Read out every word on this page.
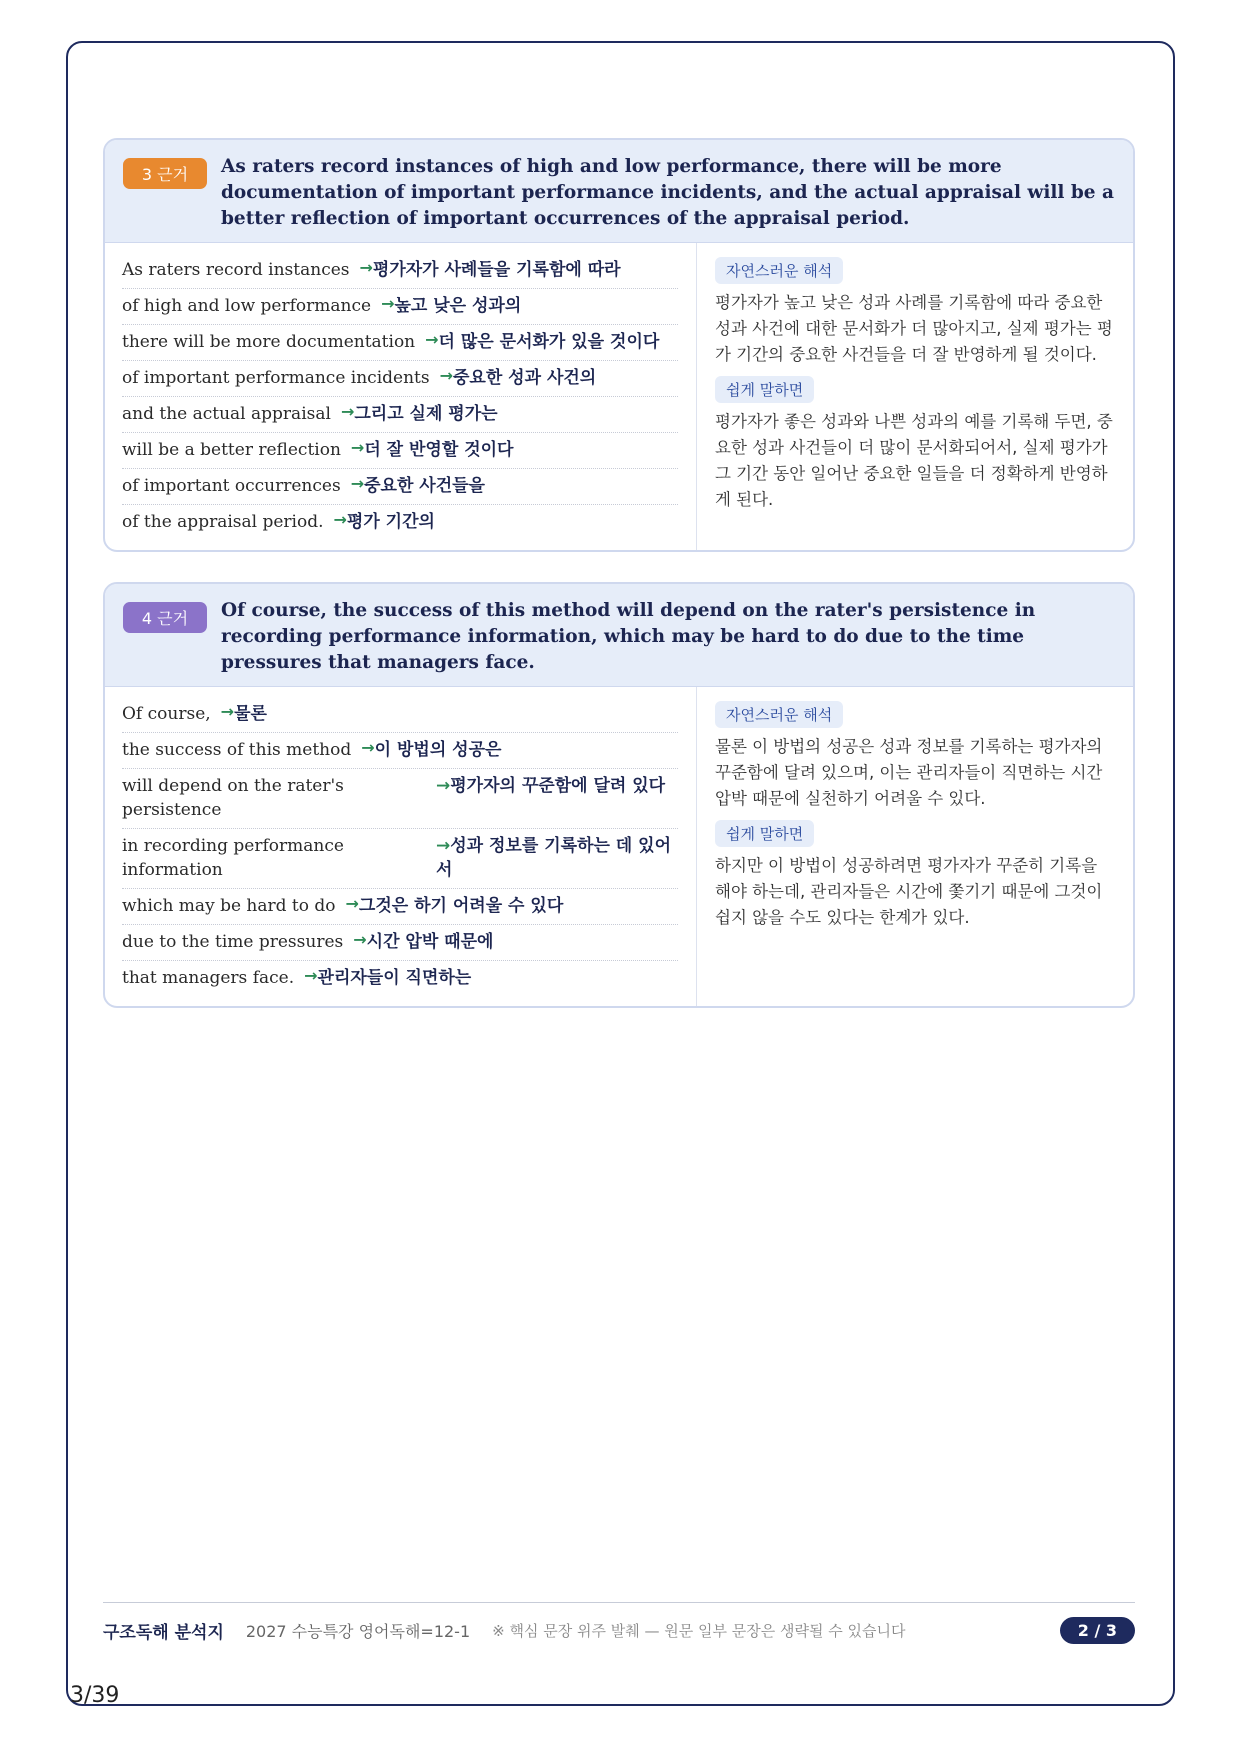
3 근거	As raters record instances of high and low performance, there will be more documentation of important performance incidents, and the actual appraisal will be a better reflection of important occurrences of the appraisal period.
As raters record instances → 평가자가 사례들을 기록함에 따라
of high and low performance → 높고 낮은 성과의
there will be more documentation → 더 많은 문서화가 있을 것이다
of important performance incidents → 중요한 성과 사건의
and the actual appraisal → 그리고 실제 평가는
will be a better reflection → 더 잘 반영할 것이다
of important occurrences → 중요한 사건들을
of the appraisal period. → 평가 기간의
자연스러운 해석

평가자가 높고 낮은 성과 사례를 기록함에 따라 중요한 성과 사건에 대한 문서화가 더 많아지고, 실제 평가는 평가 기간의 중요한 사건들을 더 잘 반영하게 될 것이다.

쉽게 말하면

평가자가 좋은 성과와 나쁜 성과의 예를 기록해 두면, 중요한 성과 사건들이 더 많이 문서화되어서, 실제 평가가 그 기간 동안 일어난 중요한 일들을 더 정확하게 반영하게 된다.

4 근거	Of course, the success of this method will depend on the rater's persistence in recording performance information, which may be hard to do due to the time pressures that managers face.
Of course, → 물론
the success of this method → 이 방법의 성공은
will depend on the rater's persistence
→평가자의 꾸준함에 달려 있다
in recording performance information
→성과 정보를 기록하는 데 있어서
which may be hard to do → 그것은 하기 어려울 수 있다
due to the time pressures → 시간 압박 때문에
that managers face. → 관리자들이 직면하는
자연스러운 해석

물론 이 방법의 성공은 성과 정보를 기록하는 평가자의 꾸준함에 달려 있으며, 이는 관리자들이 직면하는 시간 압박 때문에 실천하기 어려울 수 있다.

쉽게 말하면

하지만 이 방법이 성공하려면 평가자가 꾸준히 기록을 해야 하는데, 관리자들은 시간에 쫓기기 때문에 그것이 쉽지 않을 수도 있다는 한계가 있다.

구조독해 분석지 2027 수능특강 영어독해=12-1 ※ 핵심 문장 위주 발췌 — 원문 일부 문장은 생략될 수 있습니다	2 / 3
3/39
